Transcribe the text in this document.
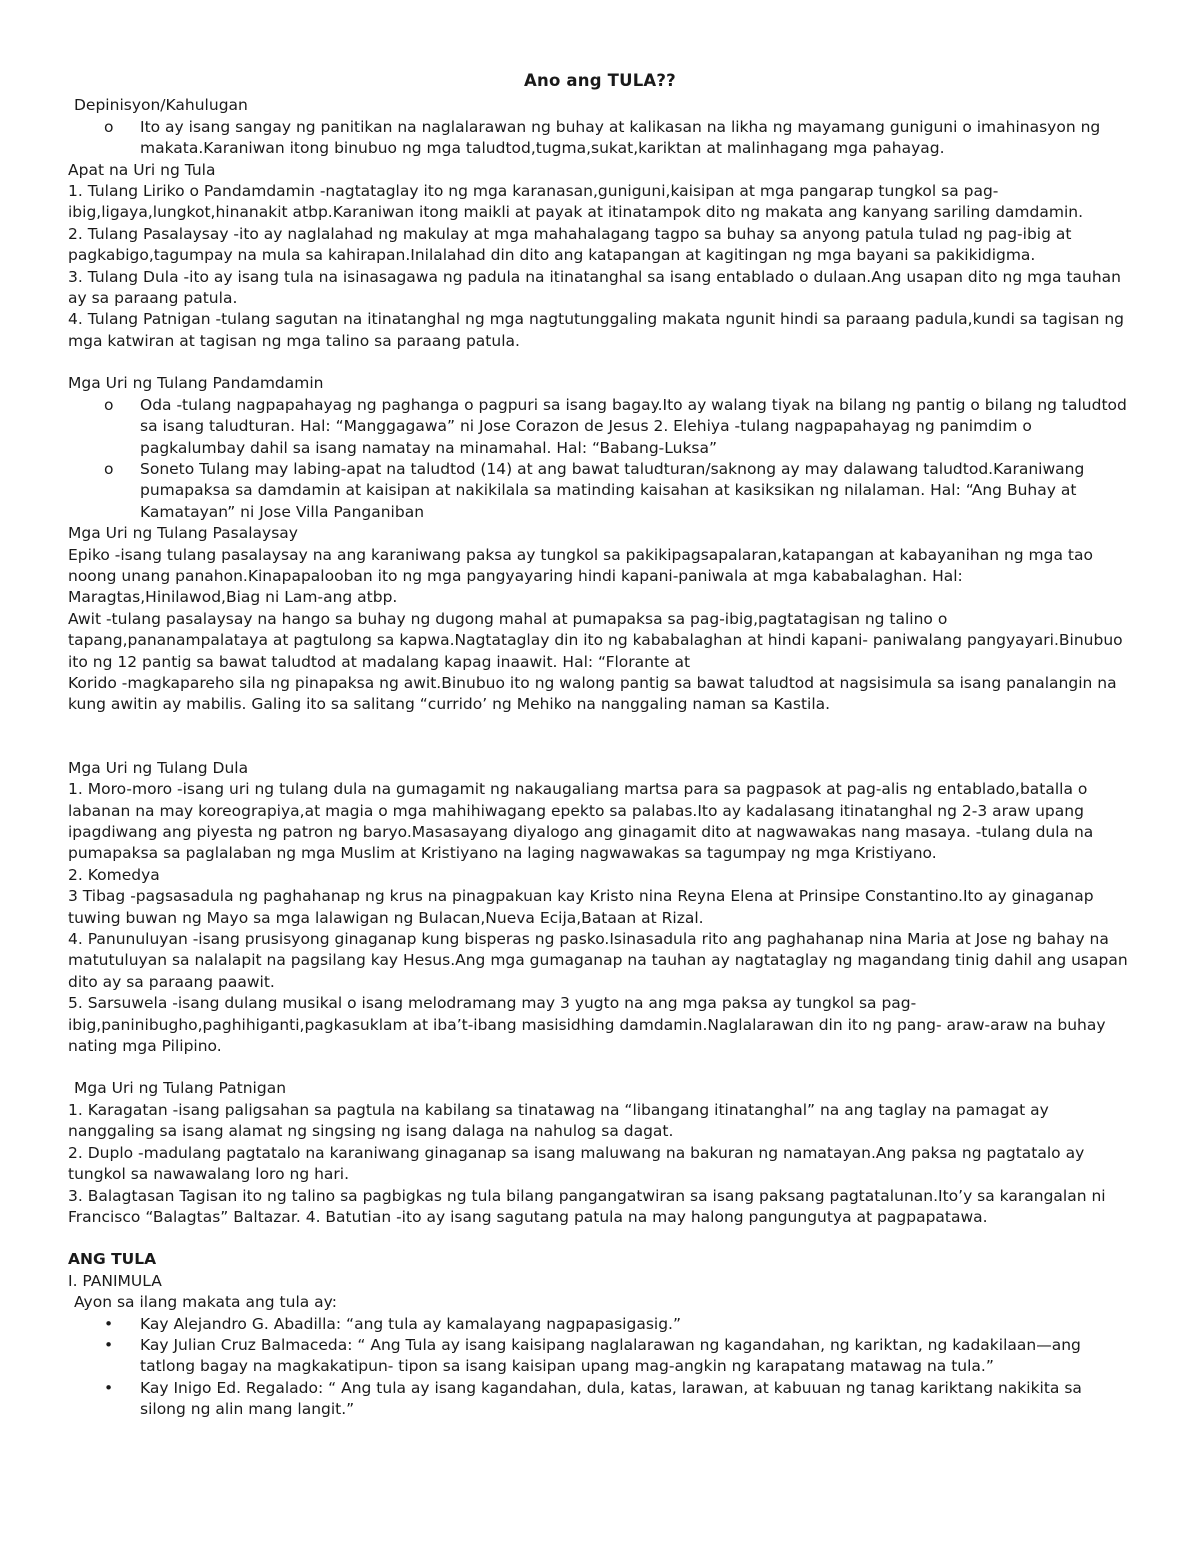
Ano ang TULA??

Depinisyon/Kahulugan

o Ito ay isang sangay ng panitikan na naglalarawan ng buhay at kalikasan na likha ng mayamang guniguni o imahinasyon ng makata.Karaniwan itong binubuo ng mga taludtod,tugma,sukat,kariktan at malinhagang mga pahayag.

Apat na Uri ng Tula

1. Tulang Liriko o Pandamdamin -nagtataglay ito ng mga karanasan,guniguni,kaisipan at mga pangarap tungkol sa pag-ibig,ligaya,lungkot,hinanakit atbp.Karaniwan itong maikli at payak at itinatampok dito ng makata ang kanyang sariling damdamin.

2. Tulang Pasalaysay -ito ay naglalahad ng makulay at mga mahahalagang tagpo sa buhay sa anyong patula tulad ng pag-ibig at pagkabigo,tagumpay na mula sa kahirapan.Inilalahad din dito ang katapangan at kagitingan ng mga bayani sa pakikidigma.

3. Tulang Dula -ito ay isang tula na isinasagawa ng padula na itinatanghal sa isang entablado o dulaan.Ang usapan dito ng mga tauhan ay sa paraang patula.

4. Tulang Patnigan -tulang sagutan na itinatanghal ng mga nagtutunggaling makata ngunit hindi sa paraang padula,kundi sa tagisan ng mga katwiran at tagisan ng mga talino sa paraang patula.

Mga Uri ng Tulang Pandamdamin

o Oda -tulang nagpapahayag ng paghanga o pagpuri sa isang bagay.Ito ay walang tiyak na bilang ng pantig o bilang ng taludtod sa isang taludturan. Hal: “Manggagawa” ni Jose Corazon de Jesus 2. Elehiya -tulang nagpapahayag ng panimdim o pagkalumbay dahil sa isang namatay na minamahal. Hal: “Babang-Luksa”
o Soneto Tulang may labing-apat na taludtod (14) at ang bawat taludturan/saknong ay may dalawang taludtod.Karaniwang pumapaksa sa damdamin at kaisipan at nakikilala sa matinding kaisahan at kasiksikan ng nilalaman. Hal: “Ang Buhay at Kamatayan” ni Jose Villa Panganiban

Mga Uri ng Tulang Pasalaysay

Epiko -isang tulang pasalaysay na ang karaniwang paksa ay tungkol sa pakikipagsapalaran,katapangan at kabayanihan ng mga tao noong unang panahon.Kinapapalooban ito ng mga pangyayaring hindi kapani-paniwala at mga kababalaghan. Hal: Maragtas,Hinilawod,Biag ni Lam-ang atbp.

Awit -tulang pasalaysay na hango sa buhay ng dugong mahal at pumapaksa sa pag-ibig,pagtatagisan ng talino o tapang,pananampalataya at pagtulong sa kapwa.Nagtataglay din ito ng kababalaghan at hindi kapani- paniwalang pangyayari.Binubuo ito ng 12 pantig sa bawat taludtod at madalang kapag inaawit. Hal: “Florante at

Korido -magkapareho sila ng pinapaksa ng awit.Binubuo ito ng walong pantig sa bawat taludtod at nagsisimula sa isang panalangin na kung awitin ay mabilis. Galing ito sa salitang “currido’ ng Mehiko na nanggaling naman sa Kastila.

Mga Uri ng Tulang Dula

1. Moro-moro -isang uri ng tulang dula na gumagamit ng nakaugaliang martsa para sa pagpasok at pag-alis ng entablado,batalla o labanan na may koreograpiya,at magia o mga mahihiwagang epekto sa palabas.Ito ay kadalasang itinatanghal ng 2-3 araw upang ipagdiwang ang piyesta ng patron ng baryo.Masasayang diyalogo ang ginagamit dito at nagwawakas nang masaya. -tulang dula na pumapaksa sa paglalaban ng mga Muslim at Kristiyano na laging nagwawakas sa tagumpay ng mga Kristiyano.

2. Komedya

3 Tibag -pagsasadula ng paghahanap ng krus na pinagpakuan kay Kristo nina Reyna Elena at Prinsipe Constantino.Ito ay ginaganap tuwing buwan ng Mayo sa mga lalawigan ng Bulacan,Nueva Ecija,Bataan at Rizal.

4. Panunuluyan -isang prusisyong ginaganap kung bisperas ng pasko.Isinasadula rito ang paghahanap nina Maria at Jose ng bahay na matutuluyan sa nalalapit na pagsilang kay Hesus.Ang mga gumaganap na tauhan ay nagtataglay ng magandang tinig dahil ang usapan dito ay sa paraang paawit.

5. Sarsuwela -isang dulang musikal o isang melodramang may 3 yugto na ang mga paksa ay tungkol sa pag-ibig,paninibugho,paghihiganti,pagkasuklam at iba’t-ibang masisidhing damdamin.Naglalarawan din ito ng pang- araw-araw na buhay nating mga Pilipino.

Mga Uri ng Tulang Patnigan

1. Karagatan -isang paligsahan sa pagtula na kabilang sa tinatawag na “libangang itinatanghal” na ang taglay na pamagat ay nanggaling sa isang alamat ng singsing ng isang dalaga na nahulog sa dagat.

2. Duplo -madulang pagtatalo na karaniwang ginaganap sa isang maluwang na bakuran ng namatayan.Ang paksa ng pagtatalo ay tungkol sa nawawalang loro ng hari.

3. Balagtasan Tagisan ito ng talino sa pagbigkas ng tula bilang pangangatwiran sa isang paksang pagtatalunan.Ito’y sa karangalan ni Francisco “Balagtas” Baltazar. 4. Batutian -ito ay isang sagutang patula na may halong pangungutya at pagpapatawa.

ANG TULA

I. PANIMULA

Ayon sa ilang makata ang tula ay:

• Kay Alejandro G. Abadilla: “ang tula ay kamalayang nagpapasigasig.”
• Kay Julian Cruz Balmaceda: “ Ang Tula ay isang kaisipang naglalarawan ng kagandahan, ng kariktan, ng kadakilaan—ang tatlong bagay na magkakatipun- tipon sa isang kaisipan upang mag-angkin ng karapatang matawag na tula.”
• Kay Inigo Ed. Regalado: “ Ang tula ay isang kagandahan, dula, katas, larawan, at kabuuan ng tanag kariktang nakikita sa silong ng alin mang langit.”
